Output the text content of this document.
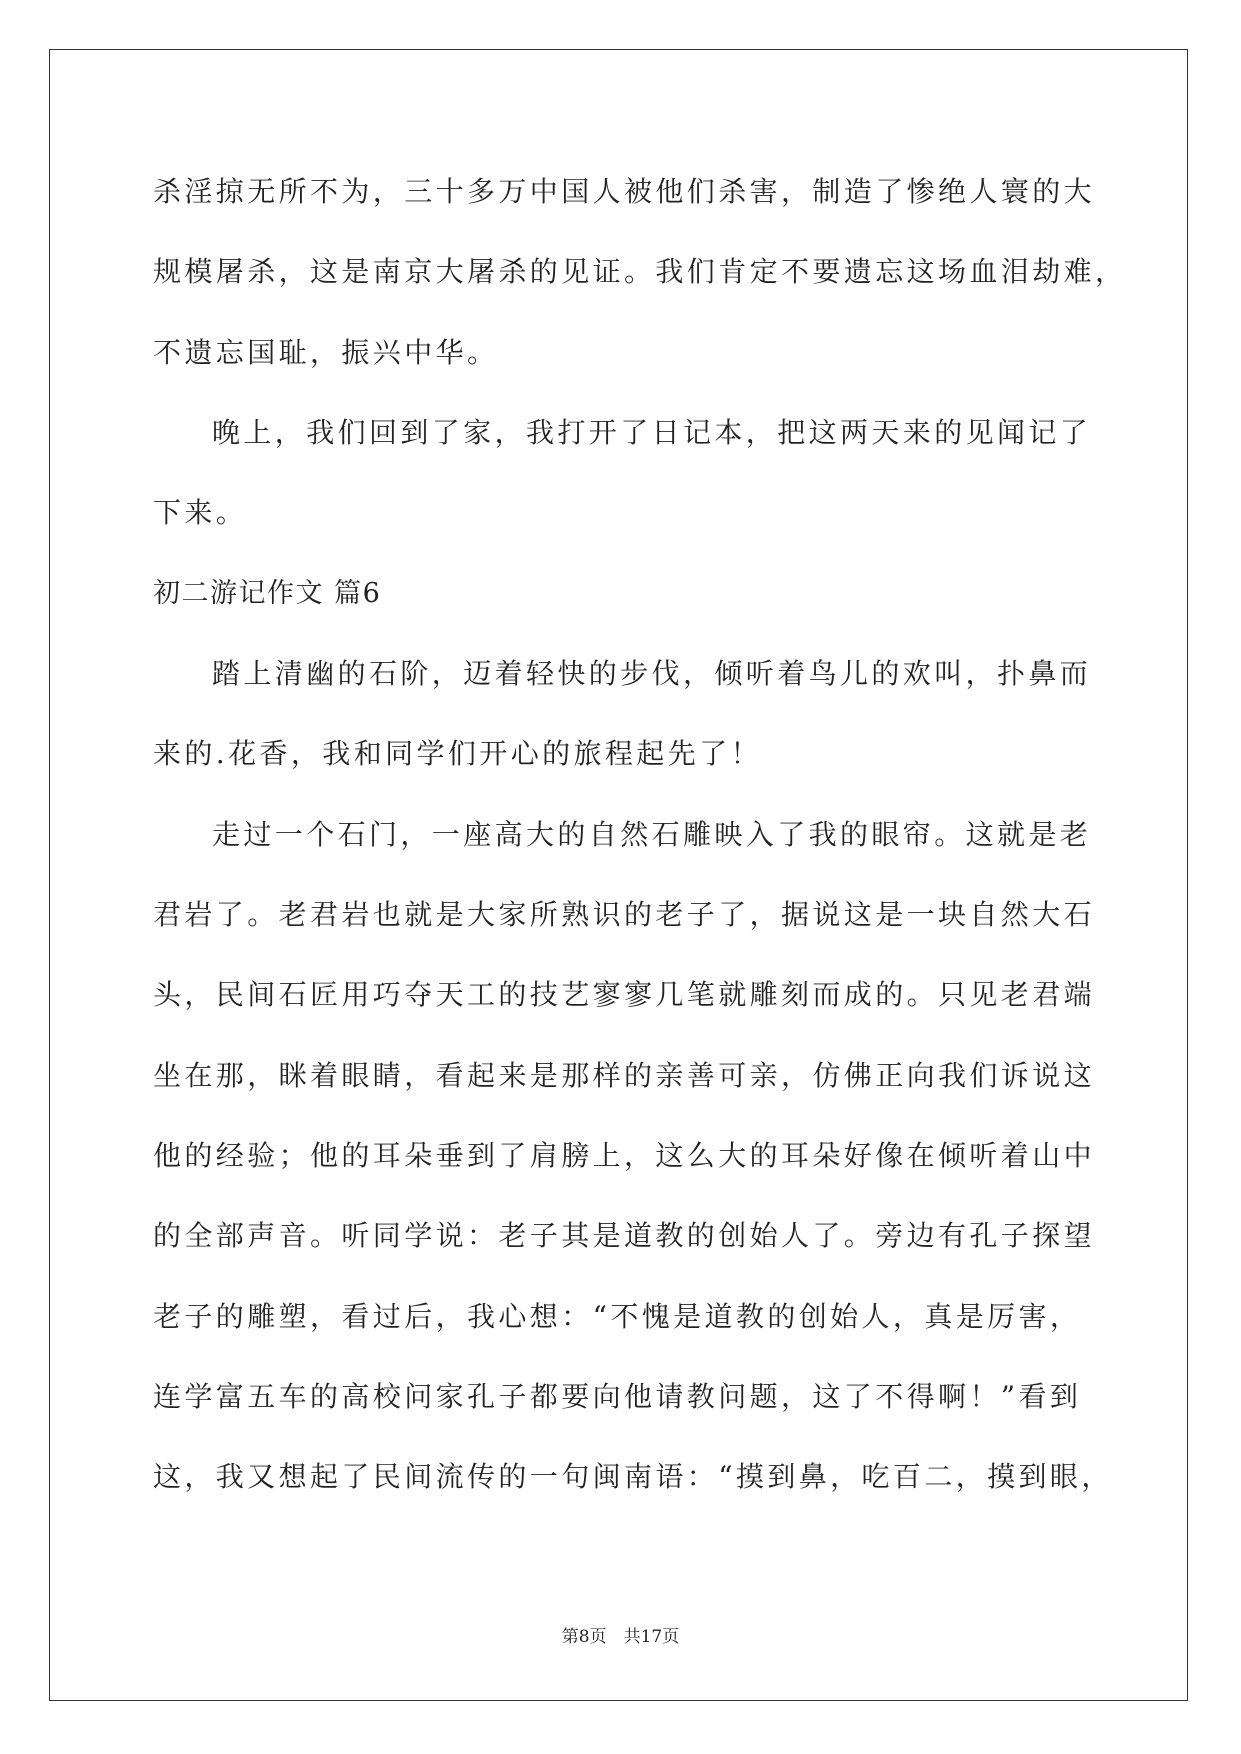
杀淫掠无所不为，三十多万中国人被他们杀害，制造了惨绝人寰的大
规模屠杀，这是南京大屠杀的见证。我们肯定不要遗忘这场血泪劫难，
不遗忘国耻，振兴中华。
晚上，我们回到了家，我打开了日记本，把这两天来的见闻记了
下来。
初二游记作文 篇6
踏上清幽的石阶，迈着轻快的步伐，倾听着鸟儿的欢叫，扑鼻而
来的.花香，我和同学们开心的旅程起先了！
走过一个石门，一座高大的自然石雕映入了我的眼帘。这就是老
君岩了。老君岩也就是大家所熟识的老子了，据说这是一块自然大石
头，民间石匠用巧夺天工的技艺寥寥几笔就雕刻而成的。只见老君端
坐在那，眯着眼睛，看起来是那样的亲善可亲，仿佛正向我们诉说这
他的经验；他的耳朵垂到了肩膀上，这么大的耳朵好像在倾听着山中
的全部声音。听同学说：老子其是道教的创始人了。旁边有孔子探望
老子的雕塑，看过后，我心想：“不愧是道教的创始人，真是厉害，
连学富五车的高校问家孔子都要向他请教问题，这了不得啊！”看到
这，我又想起了民间流传的一句闽南语：“摸到鼻，吃百二，摸到眼，
第8页　共17页
